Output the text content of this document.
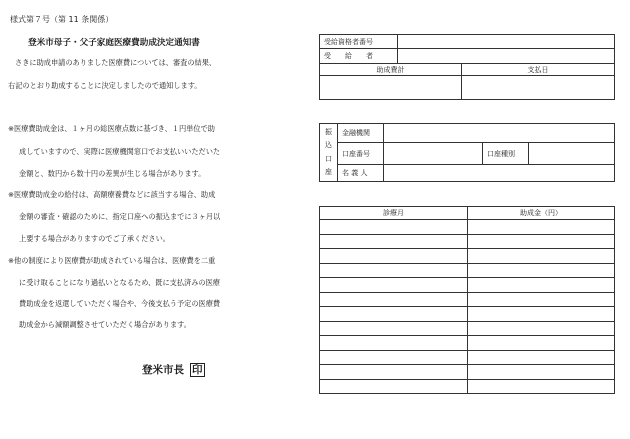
様式第７号（第 11 条関係）
登米市母子・父子家庭医療費助成決定通知書
さきに助成申請のありました医療費については、審査の結果、
右記のとおり助成することに決定しましたので通知します。
※医療費助成金は、１ヶ月の総医療点数に基づき、１円単位で助
成していますので、実際に医療機関窓口でお支払いいただいた
金額と、数円から数十円の差異が生じる場合があります。
※医療費助成金の給付は、高額療養費などに該当する場合、助成
金額の審査・確認のために、指定口座への振込までに３ヶ月以
上要する場合がありますのでご了承ください。
※他の制度により医療費が助成されている場合は、医療費を二重
に受け取ることになり過払いとなるため、既に支払済みの医療
費助成金を返還していただく場合や、今後支払う予定の医療費
助成金から減額調整させていただく場合があります。
登米市長 印
受給資格者番号		
受　　給　　者		
助成費計		支払日

振
込
口
座	金融機関			
	口座番号		口座種別	
	名 義 人			
診療月	助成金（円）
